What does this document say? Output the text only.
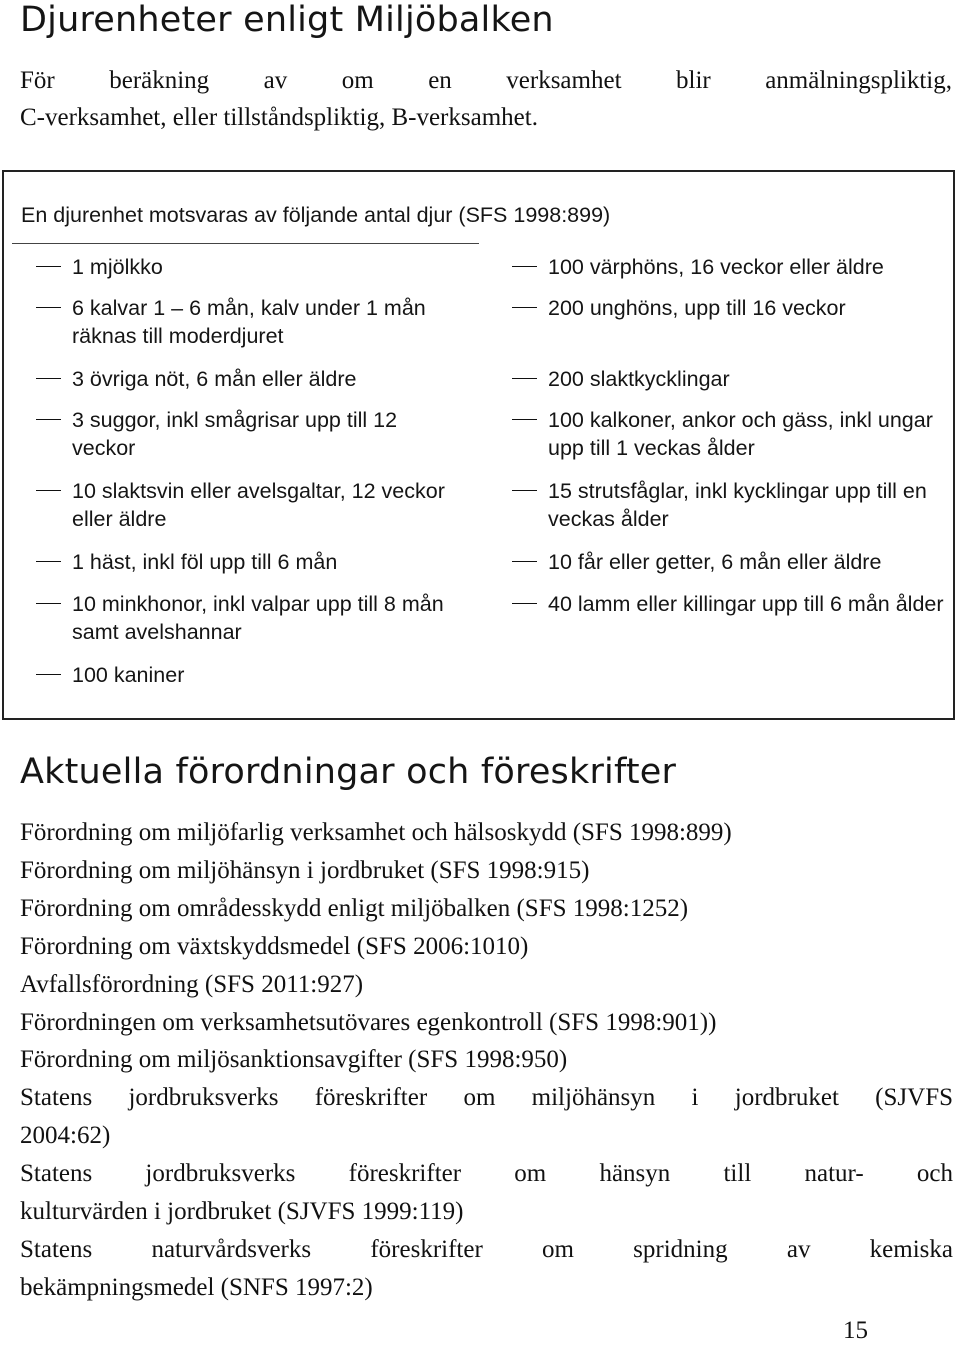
Djurenheter enligt Miljöbalken

För beräkning av om en verksamhet blir anmälningspliktig,
C-verksamhet, eller tillståndspliktig, B-verksamhet.

En djurenhet motsvaras av följande antal djur (SFS 1998:899)
1 mjölkko
6 kalvar 1 – 6 mån, kalv under 1 mån räknas till moderdjuret
3 övriga nöt, 6 mån eller äldre
3 suggor, inkl smågrisar upp till 12 veckor
10 slaktsvin eller avelsgaltar, 12 veckor eller äldre
1 häst, inkl föl upp till 6 mån
10 minkhonor, inkl valpar upp till 8 mån samt avelshannar
100 kaniner
100 värphöns, 16 veckor eller äldre
200 unghöns, upp till 16 veckor
200 slaktkycklingar
100 kalkoner, ankor och gäss, inkl ungar upp till 1 veckas ålder
15 strutsfåglar, inkl kycklingar upp till en veckas ålder
10 får eller getter, 6 mån eller äldre
40 lamm eller killingar upp till 6 mån ålder
Aktuella förordningar och föreskrifter
Förordning om miljöfarlig verksamhet och hälsoskydd (SFS 1998:899)
Förordning om miljöhänsyn i jordbruket (SFS 1998:915)
Förordning om områdesskydd enligt miljöbalken (SFS 1998:1252)
Förordning om växtskyddsmedel (SFS 2006:1010)
Avfallsförordning (SFS 2011:927)
Förordningen om verksamhetsutövares egenkontroll (SFS 1998:901))
Förordning om miljösanktionsavgifter (SFS 1998:950)
Statens jordbruksverks föreskrifter om miljöhänsyn i jordbruket (SJVFS
2004:62)
Statens jordbruksverks föreskrifter om hänsyn till natur- och
kulturvärden i jordbruket (SJVFS 1999:119)
Statens naturvårdsverks föreskrifter om spridning av kemiska
bekämpningsmedel (SNFS 1997:2)
15
